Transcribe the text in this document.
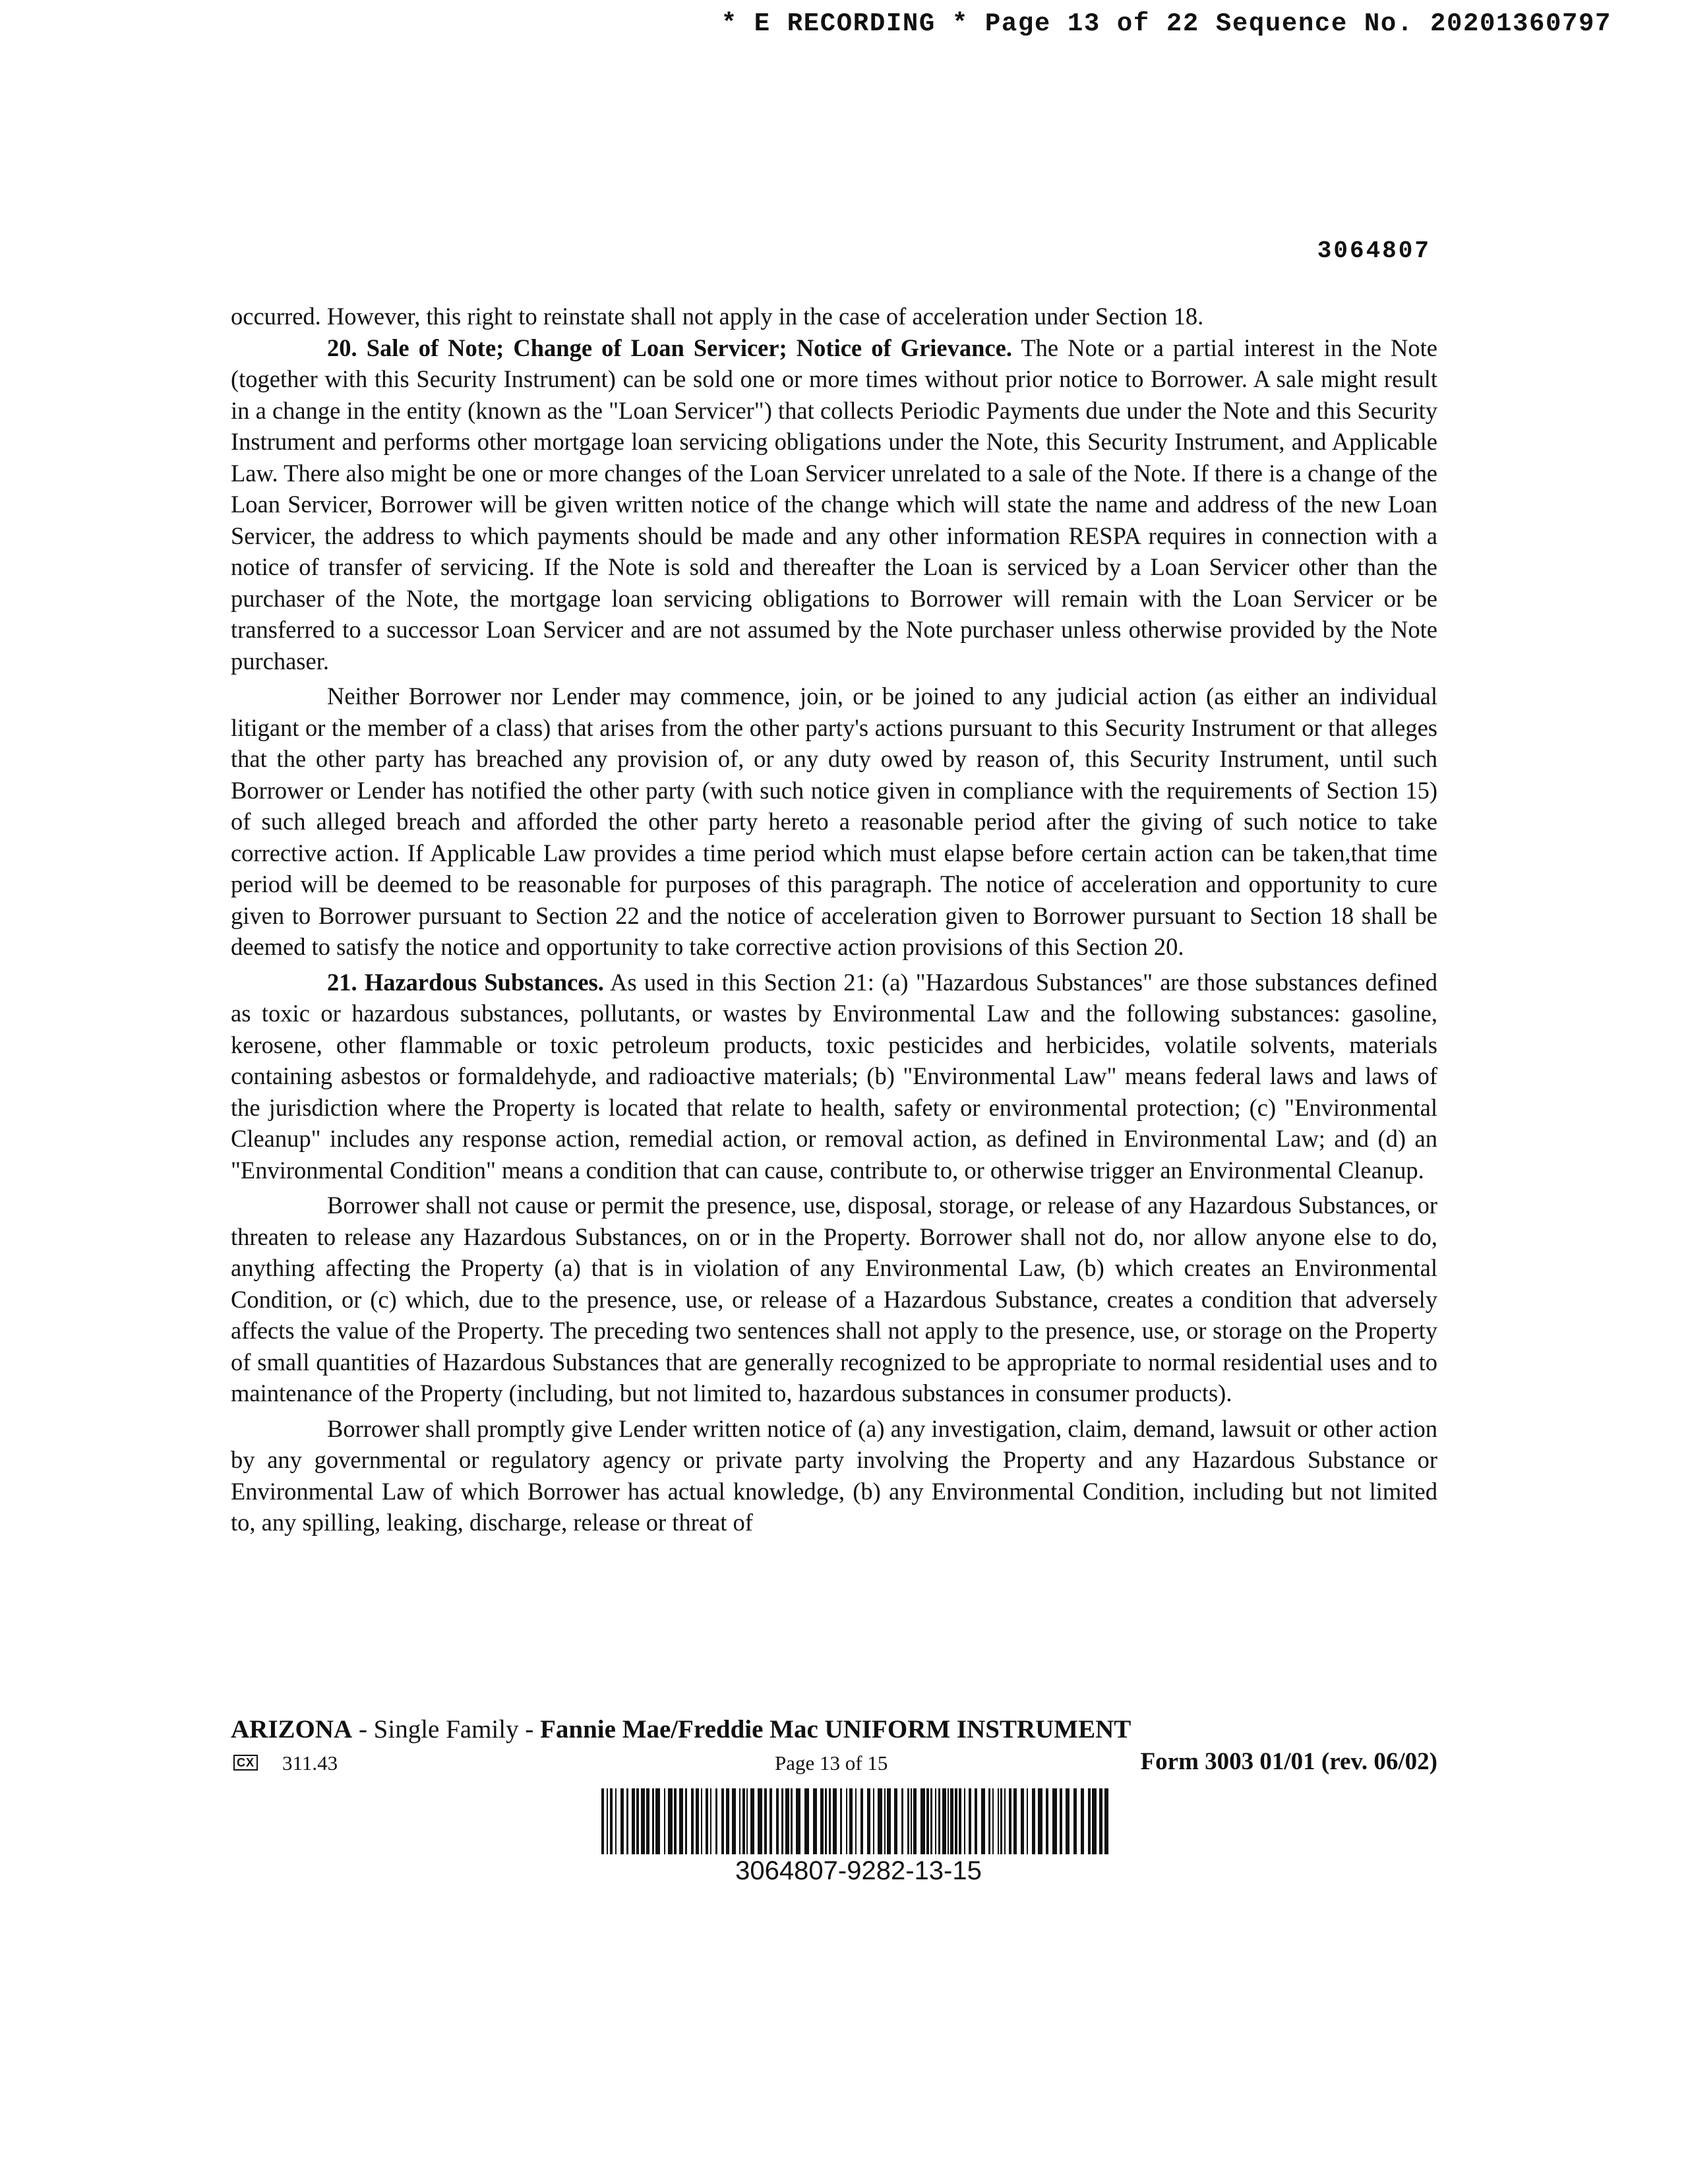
* E RECORDING * Page 13 of 22 Sequence No. 20201360797
3064807

occurred. However, this right to reinstate shall not apply in the case of acceleration under Section 18.

20. Sale of Note; Change of Loan Servicer; Notice of Grievance. The Note or a partial interest in the Note (together with this Security Instrument) can be sold one or more times without prior notice to Borrower. A sale might result in a change in the entity (known as the "Loan Servicer") that collects Periodic Payments due under the Note and this Security Instrument and performs other mortgage loan servicing obligations under the Note, this Security Instrument, and Applicable Law. There also might be one or more changes of the Loan Servicer unrelated to a sale of the Note. If there is a change of the Loan Servicer, Borrower will be given written notice of the change which will state the name and address of the new Loan Servicer, the address to which payments should be made and any other information RESPA requires in connection with a notice of transfer of servicing. If the Note is sold and thereafter the Loan is serviced by a Loan Servicer other than the purchaser of the Note, the mortgage loan servicing obligations to Borrower will remain with the Loan Servicer or be transferred to a successor Loan Servicer and are not assumed by the Note purchaser unless otherwise provided by the Note purchaser.

Neither Borrower nor Lender may commence, join, or be joined to any judicial action (as either an individual litigant or the member of a class) that arises from the other party's actions pursuant to this Security Instrument or that alleges that the other party has breached any provision of, or any duty owed by reason of, this Security Instrument, until such Borrower or Lender has notified the other party (with such notice given in compliance with the requirements of Section 15) of such alleged breach and afforded the other party hereto a reasonable period after the giving of such notice to take corrective action. If Applicable Law provides a time period which must elapse before certain action can be taken,that time period will be deemed to be reasonable for purposes of this paragraph. The notice of acceleration and opportunity to cure given to Borrower pursuant to Section 22 and the notice of acceleration given to Borrower pursuant to Section 18 shall be deemed to satisfy the notice and opportunity to take corrective action provisions of this Section 20.

21. Hazardous Substances. As used in this Section 21: (a) "Hazardous Substances" are those substances defined as toxic or hazardous substances, pollutants, or wastes by Environmental Law and the following substances: gasoline, kerosene, other flammable or toxic petroleum products, toxic pesticides and herbicides, volatile solvents, materials containing asbestos or formaldehyde, and radioactive materials; (b) "Environmental Law" means federal laws and laws of the jurisdiction where the Property is located that relate to health, safety or environmental protection; (c) "Environmental Cleanup" includes any response action, remedial action, or removal action, as defined in Environmental Law; and (d) an "Environmental Condition" means a condition that can cause, contribute to, or otherwise trigger an Environmental Cleanup.

Borrower shall not cause or permit the presence, use, disposal, storage, or release of any Hazardous Substances, or threaten to release any Hazardous Substances, on or in the Property. Borrower shall not do, nor allow anyone else to do, anything affecting the Property (a) that is in violation of any Environmental Law, (b) which creates an Environmental Condition, or (c) which, due to the presence, use, or release of a Hazardous Substance, creates a condition that adversely affects the value of the Property. The preceding two sentences shall not apply to the presence, use, or storage on the Property of small quantities of Hazardous Substances that are generally recognized to be appropriate to normal residential uses and to maintenance of the Property (including, but not limited to, hazardous substances in consumer products).

Borrower shall promptly give Lender written notice of (a) any investigation, claim, demand, lawsuit or other action by any governmental or regulatory agency or private party involving the Property and any Hazardous Substance or Environmental Law of which Borrower has actual knowledge, (b) any Environmental Condition, including but not limited to, any spilling, leaking, discharge, release or threat of

ARIZONA - Single Family - Fannie Mae/Freddie Mac UNIFORM INSTRUMENT
CX 311.43	Page 13 of 15	Form 3003 01/01 (rev. 06/02)
3064807-9282-13-15
